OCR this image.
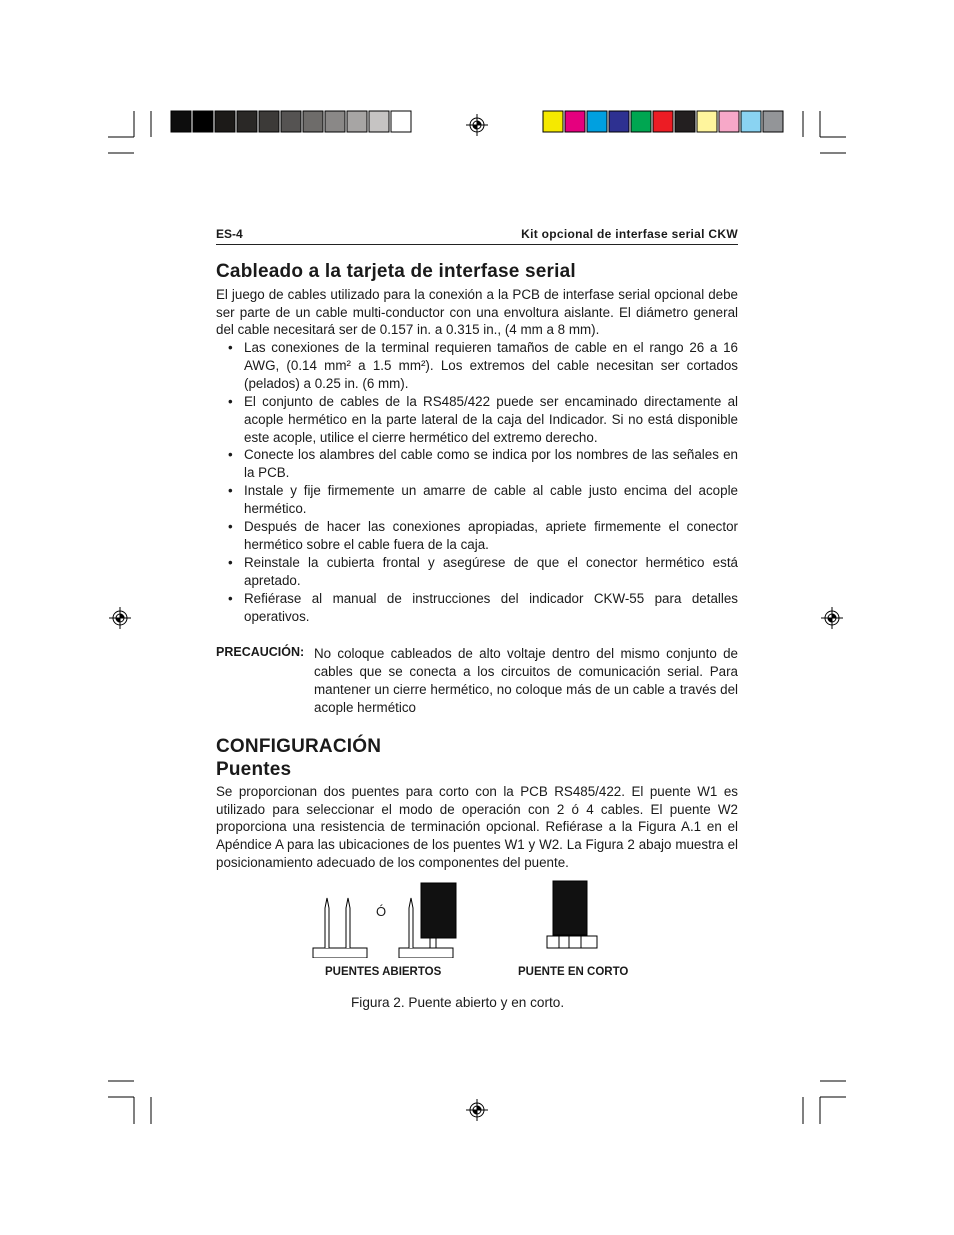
ES-4	Kit opcional de interfase serial CKW
Cableado a la tarjeta de interfase serial
El juego de cables utilizado para la conexión a la PCB de interfase serial opcional debe ser parte de un cable multi-conductor con una envoltura aislante. El diámetro general del cable necesitará ser de 0.157 in. a 0.315 in., (4 mm a 8 mm).
• Las conexiones de la terminal requieren tamaños de cable en el rango 26 a 16 AWG, (0.14 mm² a 1.5 mm²). Los extremos del cable necesitan ser cortados (pelados) a 0.25 in. (6 mm).
• El conjunto de cables de la RS485/422 puede ser encaminado directamente al acople hermético en la parte lateral de la caja del Indicador. Si no está disponible este acople, utilice el cierre hermético del extremo derecho.
• Conecte los alambres del cable como se indica por los nombres de las señales en la PCB.
• Instale y fije firmemente un amarre de cable al cable justo encima del acople hermético.
• Después de hacer las conexiones apropiadas, apriete firmemente el conector hermético sobre el cable fuera de la caja.
• Reinstale la cubierta frontal y asegúrese de que el conector hermético está apretado.
• Refiérase al manual de instrucciones del indicador CKW-55 para detalles operativos.
PRECAUCIÓN: No coloque cableados de alto voltaje dentro del mismo conjunto de cables que se conecta a los circuitos de comunicación serial. Para mantener un cierre hermético, no coloque más de un cable a través del acople hermético
CONFIGURACIÓN
Puentes
Se proporcionan dos puentes para corto con la PCB RS485/422. El puente W1 es utilizado para seleccionar el modo de operación con 2 ó 4 cables. El puente W2 proporciona una resistencia de terminación opcional. Refiérase a la Figura A.1 en el Apéndice A para las ubicaciones de los puentes W1 y W2. La Figura 2 abajo muestra el posicionamiento adecuado de los componentes del puente.
Ó
PUENTES ABIERTOS	PUENTE EN CORTO
Figura 2. Puente abierto y en corto.
